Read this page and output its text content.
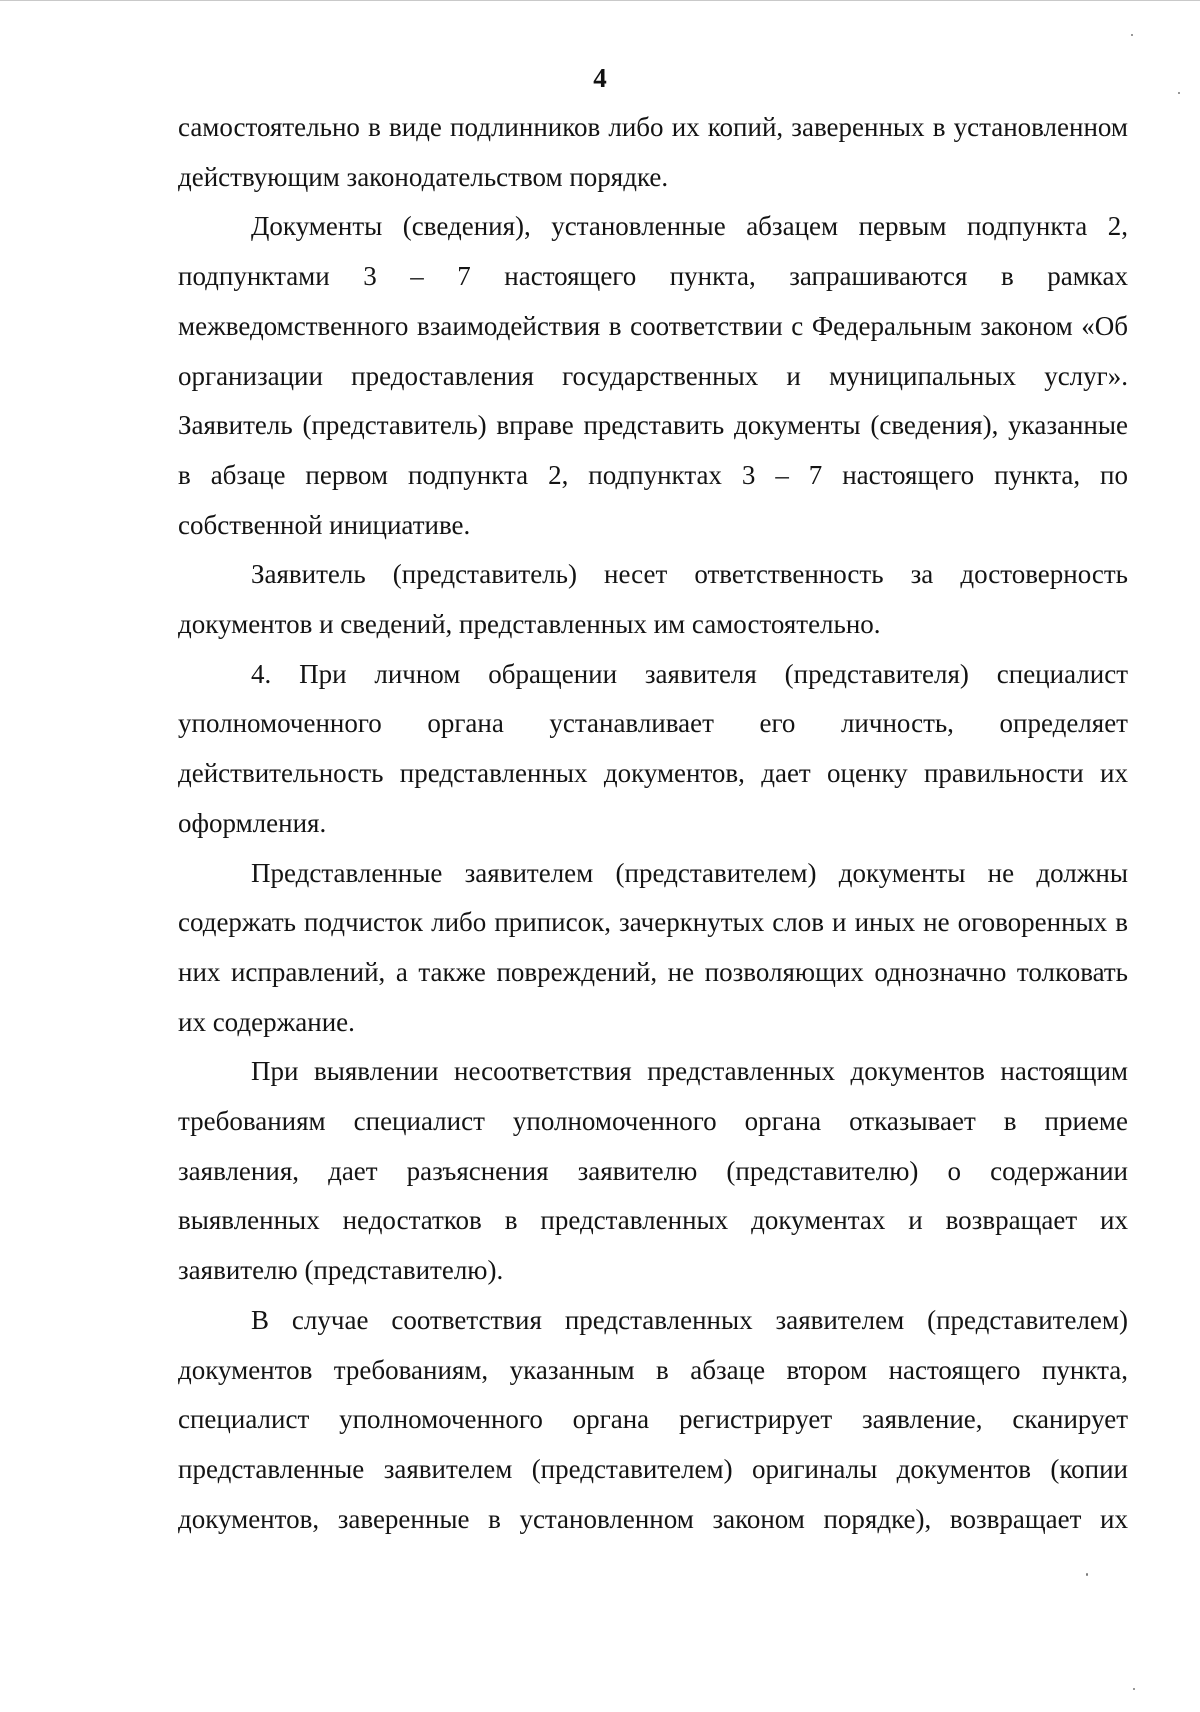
4

самостоятельно в виде подлинников либо их копий, заверенных в установленном действующим законодательством порядке.

Документы (сведения), установленные абзацем первым подпункта 2, подпунктами 3 – 7 настоящего пункта, запрашиваются в рамках межведомственного взаимодействия в соответствии с Федеральным законом «Об организации предоставления государственных и муниципальных услуг». Заявитель (представитель) вправе представить документы (сведения), указанные в абзаце первом подпункта 2, подпунктах 3 – 7 настоящего пункта, по собственной инициативе.

Заявитель (представитель) несет ответственность за достоверность документов и сведений, представленных им самостоятельно.

4. При личном обращении заявителя (представителя) специалист уполномоченного органа устанавливает его личность, определяет действительность представленных документов, дает оценку правильности их оформления.

Представленные заявителем (представителем) документы не должны содержать подчисток либо приписок, зачеркнутых слов и иных не оговоренных в них исправлений, а также повреждений, не позволяющих однозначно толковать их содержание.

При выявлении несоответствия представленных документов настоящим требованиям специалист уполномоченного органа отказывает в приеме заявления, дает разъяснения заявителю (представителю) о содержании выявленных недостатков в представленных документах и возвращает их заявителю (представителю).

В случае соответствия представленных заявителем (представителем) документов требованиям, указанным в абзаце втором настоящего пункта, специалист уполномоченного органа регистрирует заявление, сканирует представленные заявителем (представителем) оригиналы документов (копии документов, заверенные в установленном законом порядке), возвращает их
